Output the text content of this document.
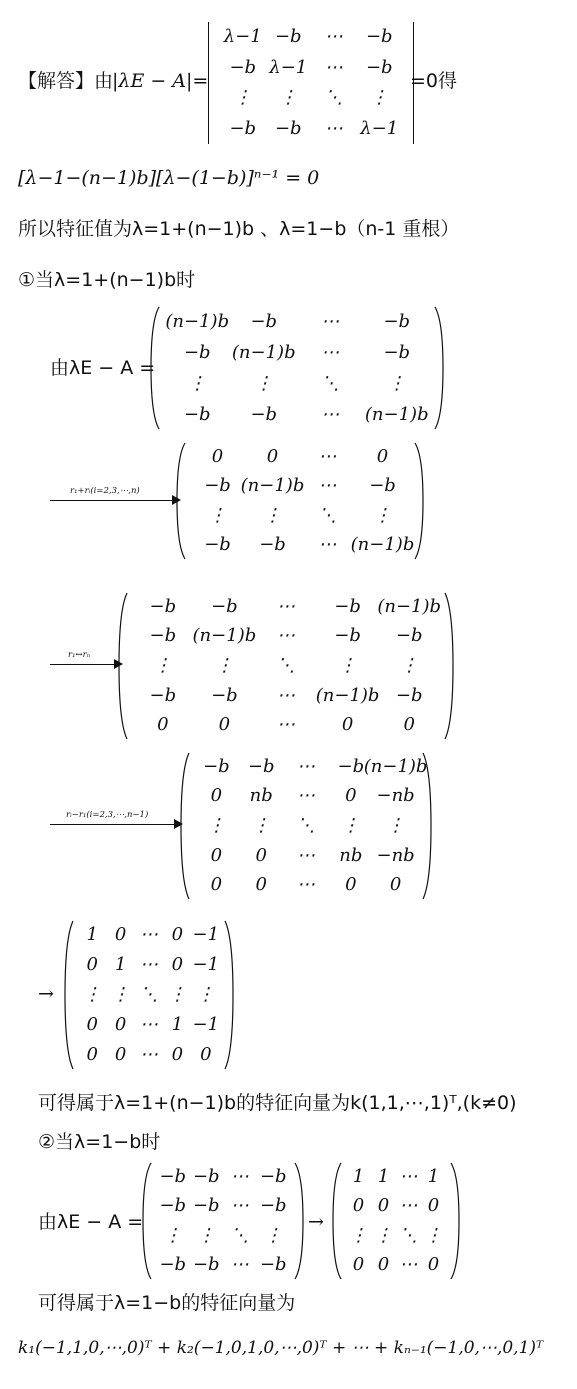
【解答】由
|λE − A|=
λ−1 −b ⋯ −b
−b λ−1 ⋯ −b
⋮ ⋮ ⋱ ⋮
−b −b ⋯ λ−1
=0得
[λ−1−(n−1)b][λ−(1−b)]ⁿ⁻¹ = 0
所以特征值为λ=1+(n−1)b 、λ=1−b（n-1 重根）
①当λ=1+(n−1)b时
由λE − A =
(n−1)b −b ⋯ −b
−b (n−1)b ⋯ −b
⋮	⋮	⋱	⋮
−b −b ⋯ (n−1)b
r₁+rᵢ(i=2,3,⋯,n)
0 0 ⋯ 0
−b (n−1)b ⋯ −b
⋮ ⋮ ⋱ ⋮
−b −b ⋯ (n−1)b
r₁↔rₙ
−b −b ⋯ −b (n−1)b
−b (n−1)b ⋯ −b −b
⋮ ⋮ ⋱ ⋮ ⋮
−b −b ⋯ (n−1)b −b
0	0	⋯	0	0
rᵢ−r₁(i=2,3,⋯,n−1)
−b −b ⋯ −b (n−1)b
0 nb ⋯ 0 −nb
⋮ ⋮ ⋱ ⋮ ⋮
0 0 ⋯ nb −nb
0 0 ⋯ 0 0
→
1 0 ⋯ 0 −1
0 1 ⋯ 0 −1
⋮ ⋮ ⋱ ⋮ ⋮
0 0 ⋯ 1 −1
0 0 ⋯ 0 0
可得属于λ=1+(n−1)b的特征向量为k(1,1,⋯,1)ᵀ,(k≠0)
②当λ=1−b时
由λE − A =
−b −b ⋯ −b
−b −b ⋯ −b
⋮ ⋮ ⋱ ⋮
−b −b ⋯ −b
→
1 1 ⋯ 1
0 0 ⋯ 0
⋮ ⋮ ⋱ ⋮
0 0 ⋯ 0
可得属于λ=1−b的特征向量为
k₁(−1,1,0,⋯,0)ᵀ + k₂(−1,0,1,0,⋯,0)ᵀ + ⋯ + kₙ₋₁(−1,0,⋯,0,1)ᵀ
